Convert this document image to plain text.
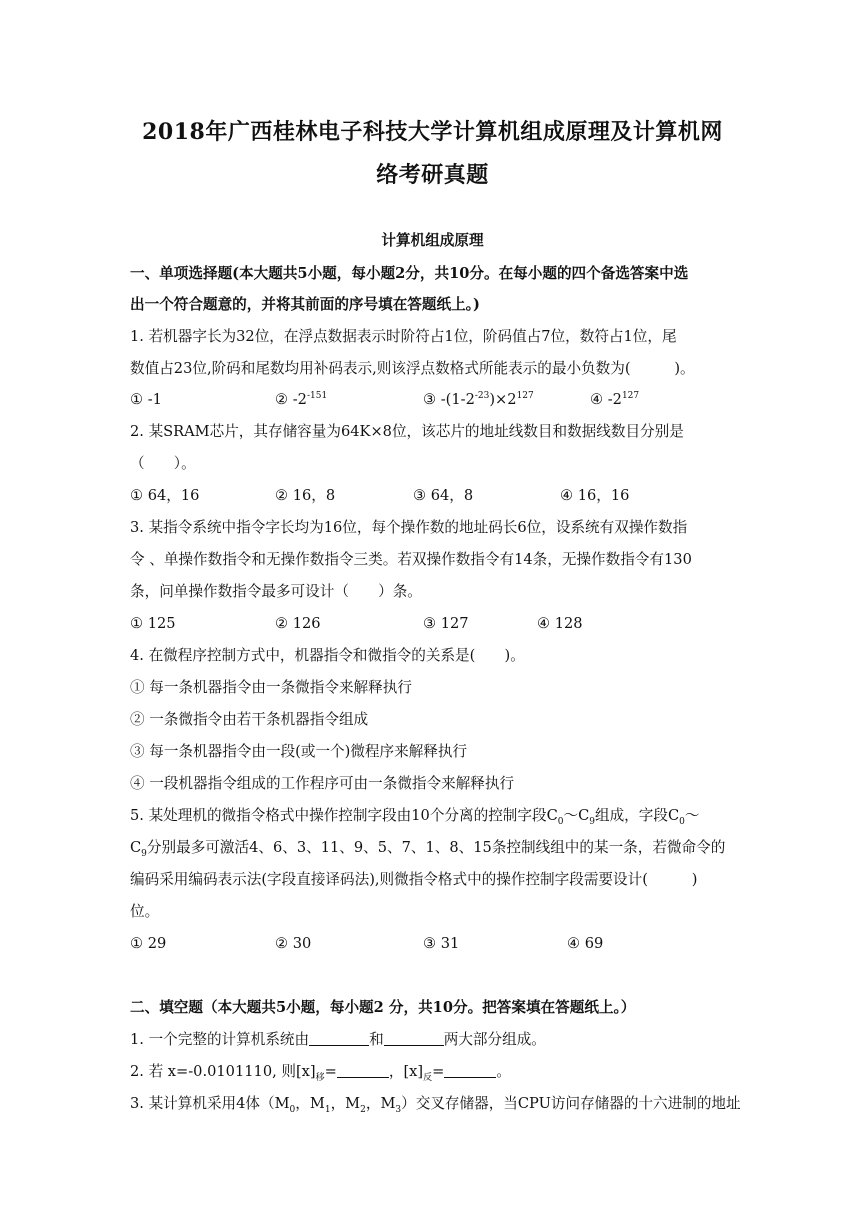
2018年广西桂林电子科技大学计算机组成原理及计算机网
络考研真题
计算机组成原理
一、单项选择题(本大题共5小题，每小题2分，共10分。在每小题的四个备选答案中选
出一个符合题意的，并将其前面的序号填在答题纸上。)
1. 若机器字长为32位，在浮点数据表示时阶符占1位，阶码值占7位，数符占1位，尾
数值占23位,阶码和尾数均用补码表示,则该浮点数格式所能表示的最小负数为(　　　)。
① -1	② $-2^{-151}$	③ $-(1-2^{-23})\times 2^{127}$	④ $-2^{127}$
2. 某SRAM芯片，其存储容量为64K×8位，该芯片的地址线数目和数据线数目分别是
（　　）。
① 64，16	② 16，8	③ 64，8	④ 16，16
3. 某指令系统中指令字长均为16位，每个操作数的地址码长6位，设系统有双操作数指
令 、单操作数指令和无操作数指令三类。若双操作数指令有14条，无操作数指令有130
条，问单操作数指令最多可设计（　　）条。
① 125	② 126	③ 127	④ 128
4. 在微程序控制方式中，机器指令和微指令的关系是(　　)。
① 每一条机器指令由一条微指令来解释执行
② 一条微指令由若干条机器指令组成
③ 每一条机器指令由一段(或一个)微程序来解释执行
④ 一段机器指令组成的工作程序可由一条微指令来解释执行
5. 某处理机的微指令格式中操作控制字段由10个分离的控制字段$C_0\sim C_9$组成，字段$C_0\sim$
$C_9$分别最多可激活4、6、3、11、9、5、7、1、8、15条控制线组中的某一条，若微命令的
编码采用编码表示法(字段直接译码法),则微指令格式中的操作控制字段需要设计(　　　)
位。
① 29	② 30	③ 31	④ 69
二、填空题（本大题共5小题，每小题2 分，共10分。把答案填在答题纸上。）
1. 一个完整的计算机系统由	和	两大部分组成。
2. 若 x=-0.0101110, 则$[x]_移=$	，$[x]_反=$	。
3. 某计算机采用4体（$M_0$，$M_1$，$M_2$，$M_3$）交叉存储器，当CPU访问存储器的十六进制的地址
